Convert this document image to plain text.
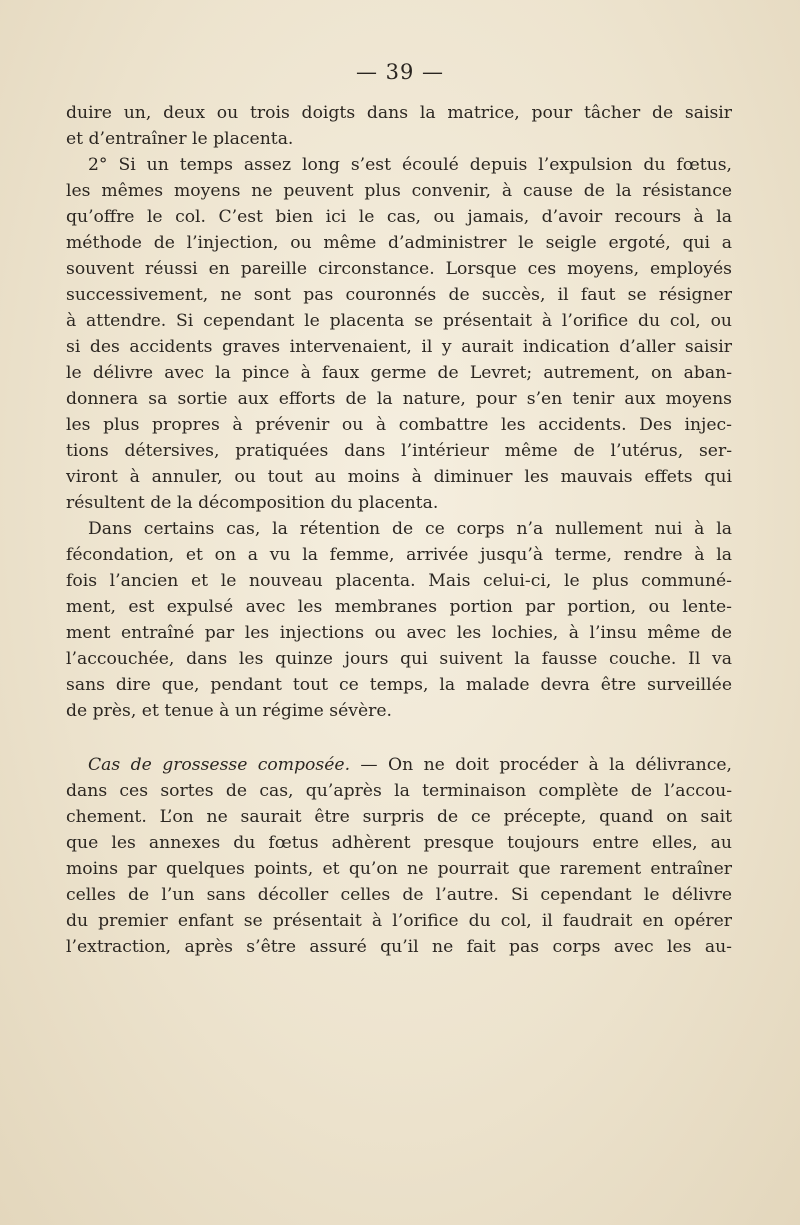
— 39 —

duire un, deux ou trois doigts dans la matrice, pour tâcher de saisir
et d’entraîner le placenta.

2° Si un temps assez long s’est écoulé depuis l’expulsion du fœtus,
les mêmes moyens ne peuvent plus convenir, à cause de la résistance
qu’offre le col. C’est bien ici le cas, ou jamais, d’avoir recours à la
méthode de l’injection, ou même d’administrer le seigle ergoté, qui a
souvent réussi en pareille circonstance. Lorsque ces moyens, employés
successivement, ne sont pas couronnés de succès, il faut se résigner
à attendre. Si cependant le placenta se présentait à l’orifice du col, ou
si des accidents graves intervenaient, il y aurait indication d’aller saisir
le délivre avec la pince à faux germe de Levret; autrement, on aban-
donnera sa sortie aux efforts de la nature, pour s’en tenir aux moyens
les plus propres à prévenir ou à combattre les accidents. Des injec-
tions détersives, pratiquées dans l’intérieur même de l’utérus, ser-
viront à annuler, ou tout au moins à diminuer les mauvais effets qui
résultent de la décomposition du placenta.

Dans certains cas, la rétention de ce corps n’a nullement nui à la
fécondation, et on a vu la femme, arrivée jusqu’à terme, rendre à la
fois l’ancien et le nouveau placenta. Mais celui-ci, le plus communé-
ment, est expulsé avec les membranes portion par portion, ou lente-
ment entraîné par les injections ou avec les lochies, à l’insu même de
l’accouchée, dans les quinze jours qui suivent la fausse couche. Il va
sans dire que, pendant tout ce temps, la malade devra être surveillée
de près, et tenue à un régime sévère.

Cas de grossesse composée. — On ne doit procéder à la délivrance,
dans ces sortes de cas, qu’après la terminaison complète de l’accou-
chement. L’on ne saurait être surpris de ce précepte, quand on sait
que les annexes du fœtus adhèrent presque toujours entre elles, au
moins par quelques points, et qu’on ne pourrait que rarement entraîner
celles de l’un sans décoller celles de l’autre. Si cependant le délivre
du premier enfant se présentait à l’orifice du col, il faudrait en opérer
l’extraction, après s’être assuré qu’il ne fait pas corps avec les au-
